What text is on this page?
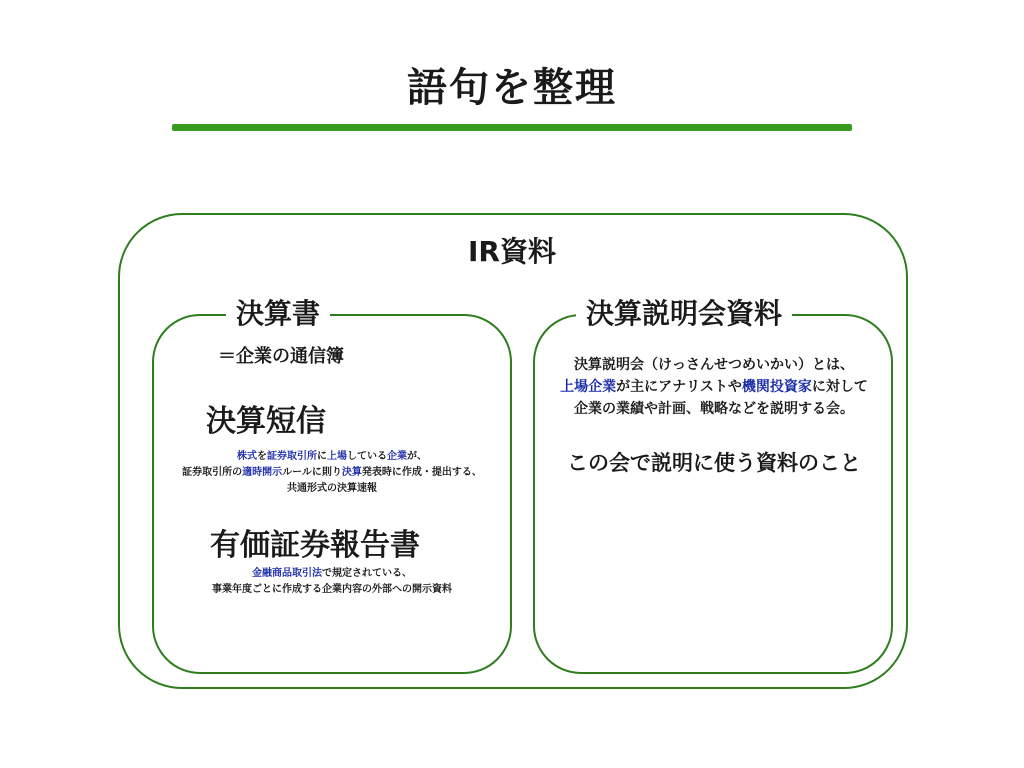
語句を整理
IR資料
決算書	決算説明会資料
＝企業の通信簿
決算短信
株式を証券取引所に上場している企業が、
証券取引所の適時開示ルールに則り決算発表時に作成・提出する、
共通形式の決算速報
有価証券報告書
金融商品取引法で規定されている、
事業年度ごとに作成する企業内容の外部への開示資料
決算説明会（けっさんせつめいかい）とは、
上場企業が主にアナリストや機関投資家に対して
企業の業績や計画、戦略などを説明する会。
この会で説明に使う資料のこと
